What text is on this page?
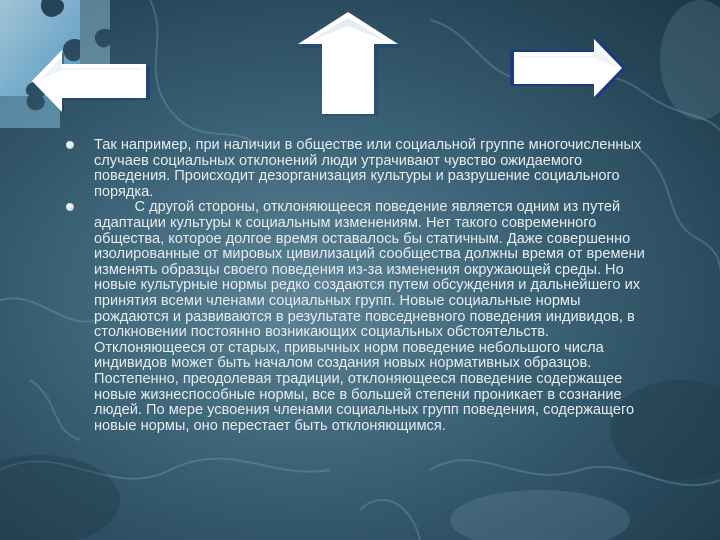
Так например, при наличии в обществе или социальной группе многочисленных случаев социальных отклонений люди утрачивают чувство ожидаемого поведения. Происходит дезорганизация культуры и разрушение социального порядка.
С другой стороны, отклоняющееся поведение является одним из путей адаптации культуры к социальным изменениям. Нет такого современного общества, которое долгое время оставалось бы статичным. Даже совершенно изолированные от мировых цивилизаций сообщества должны время от времени изменять образцы своего поведения из-за изменения окружающей среды. Но новые культурные нормы редко создаются путем обсуждения и дальнейшего их принятия всеми членами социальных групп. Новые социальные нормы рождаются и развиваются в результате повседневного поведения индивидов, в столкновении постоянно возникающих социальных обстоятельств. Отклоняющееся от старых, привычных норм поведение небольшого числа индивидов может быть началом создания новых нормативных образцов. Постепенно, преодолевая традиции, отклоняющееся поведение содержащее новые жизнеспособные нормы, все в большей степени проникает в сознание людей. По мере усвоения членами социальных групп поведения, содержащего новые нормы, оно перестает быть отклоняющимся.
